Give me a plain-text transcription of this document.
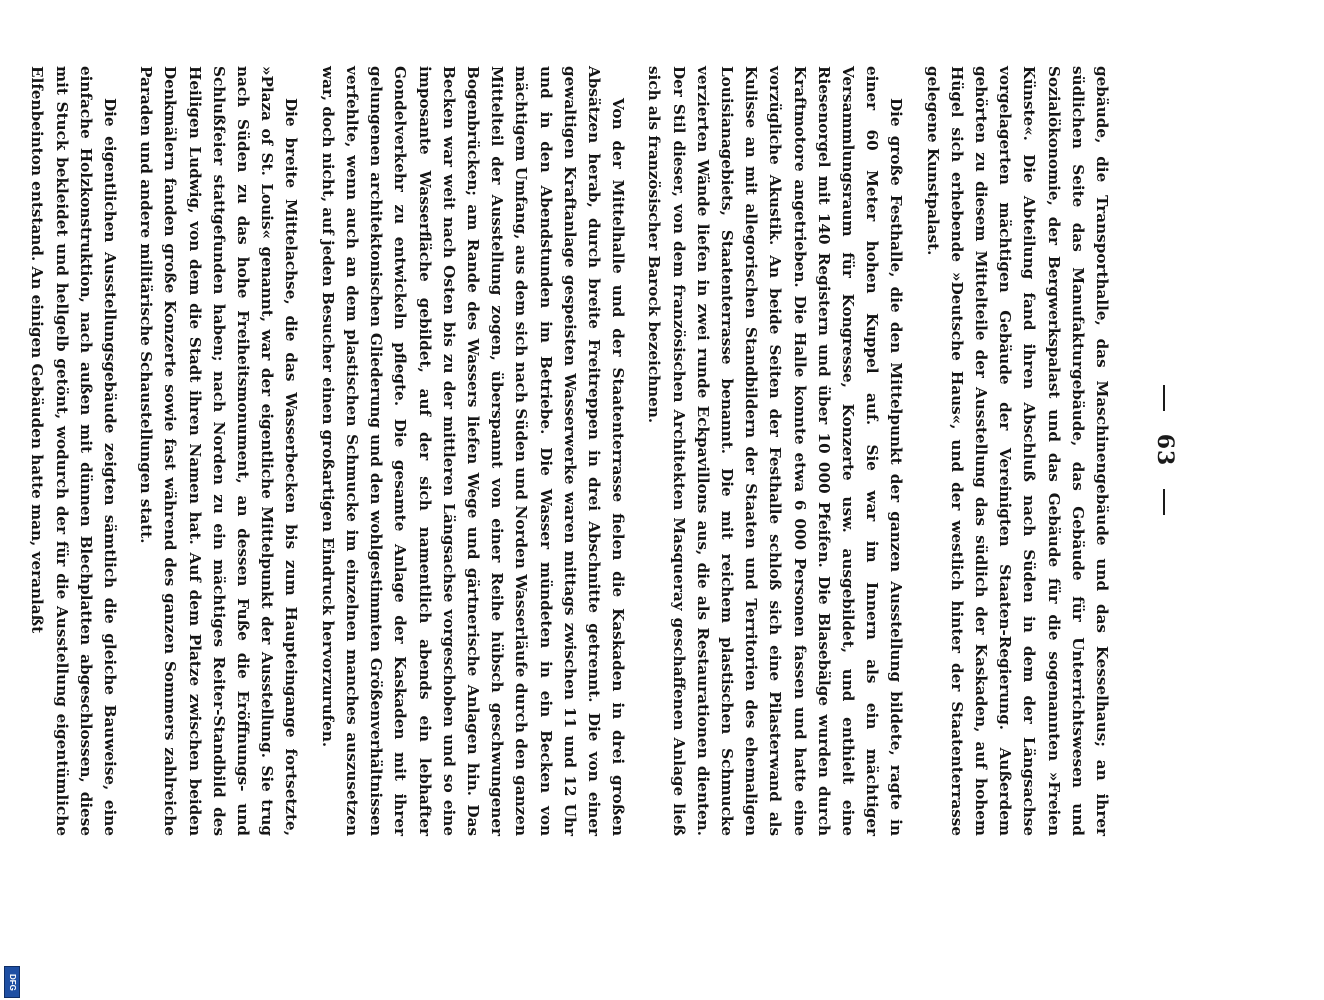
DFG
63

gebäude, die Transporthalle, das Maschinengebäude und das Kesselhaus; an ihrer südlichen Seite das Manufakturgebäude, das Gebäude für Unterrichtswesen und Sozialökonomie, der Bergwerkspalast und das Gebäude für die sogenannten »Freien Künste«. Die Abteilung fand ihren Abschluß nach Süden in dem der Längsachse vorgelagerten mächtigen Gebäude der Vereinigten Staaten-Regierung. Außerdem gehörten zu diesem Mittelteile der Ausstellung das südlich der Kaskaden, auf hohem Hügel sich erhebende »Deutsche Haus«, und der westlich hinter der Staatenterrasse gelegene Kunstpalast.

Die große Festhalle, die den Mittelpunkt der ganzen Ausstellung bildete, ragte in einer 60 Meter hohen Kuppel auf. Sie war im Innern als ein mächtiger Versammlungsraum für Kongresse, Konzerte usw. ausgebildet, und enthielt eine Riesenorgel mit 140 Registern und über 10 000 Pfeifen. Die Blasebälge wurden durch Kraftmotore angetrieben. Die Halle konnte etwa 6 000 Personen fassen und hatte eine vorzügliche Akustik. An beide Seiten der Festhalle schloß sich eine Pilasterwand als Kulisse an mit allegorischen Standbildern der Staaten und Territorien des ehemaligen Louisianagebiets, Staatenterrasse benannt. Die mit reichem plastischen Schmucke verzierten Wände liefen in zwei runde Eckpavillons aus, die als Restaurationen dienten. Der Stil dieser, von dem französischen Architekten Masqueray geschaffenen Anlage ließ sich als französischer Barock bezeichnen.

Von der Mittelhalle und der Staatenterrasse fielen die Kaskaden in drei großen Absätzen herab, durch breite Freitreppen in drei Abschnitte getrennt. Die von einer gewaltigen Kraftanlage gespeisten Wasserwerke waren mittags zwischen 11 und 12 Uhr und in den Abendstunden im Betriebe. Die Wasser mündeten in ein Becken von mächtigem Umfang, aus dem sich nach Süden und Norden Wasserläufe durch den ganzen Mittelteil der Ausstellung zogen, überspannt von einer Reihe hübsch geschwungener Bogenbrücken; am Rande des Wassers liefen Wege und gärtnerische Anlagen hin. Das Becken war weit nach Osten bis zu der mittleren Längsachse vorgeschoben und so eine imposante Wasserfläche gebildet, auf der sich namentlich abends ein lebhafter Gondelverkehr zu entwickeln pflegte. Die gesamte Anlage der Kaskaden mit ihrer gelungenen architektonischen Gliederung und den wohlgestimmten Größenverhältnissen verfehlte, wenn auch an dem plastischen Schmucke im einzelnen manches auszusetzen war, doch nicht, auf jeden Besucher einen großartigen Eindruck hervorzurufen.

Die breite Mittelachse, die das Wasserbecken bis zum Haupteingange fortsetzte, »Plaza of St. Louis« genannt, war der eigentliche Mittelpunkt der Ausstellung. Sie trug nach Süden zu das hohe Freiheitsmonument, an dessen Fuße die Eröffnungs- und Schlußfeier stattgefunden haben; nach Norden zu ein mächtiges Reiter-Standbild des Heiligen Ludwig, von dem die Stadt ihren Namen hat. Auf dem Platze zwischen beiden Denkmälern fanden große Konzerte sowie fast während des ganzen Sommers zahlreiche Paraden und andere militärische Schaustellungen statt.

Die eigentlichen Ausstellungsgebäude zeigten sämtlich die gleiche Bauweise, eine einfache Holzkonstruktion, nach außen mit dünnen Blechplatten abgeschlossen, diese mit Stuck bekleidet und hellgelb getönt, wodurch der für die Ausstellung eigentümliche Elfenbeinton entstand. An einigen Gebäuden hatte man, veranlaßt
